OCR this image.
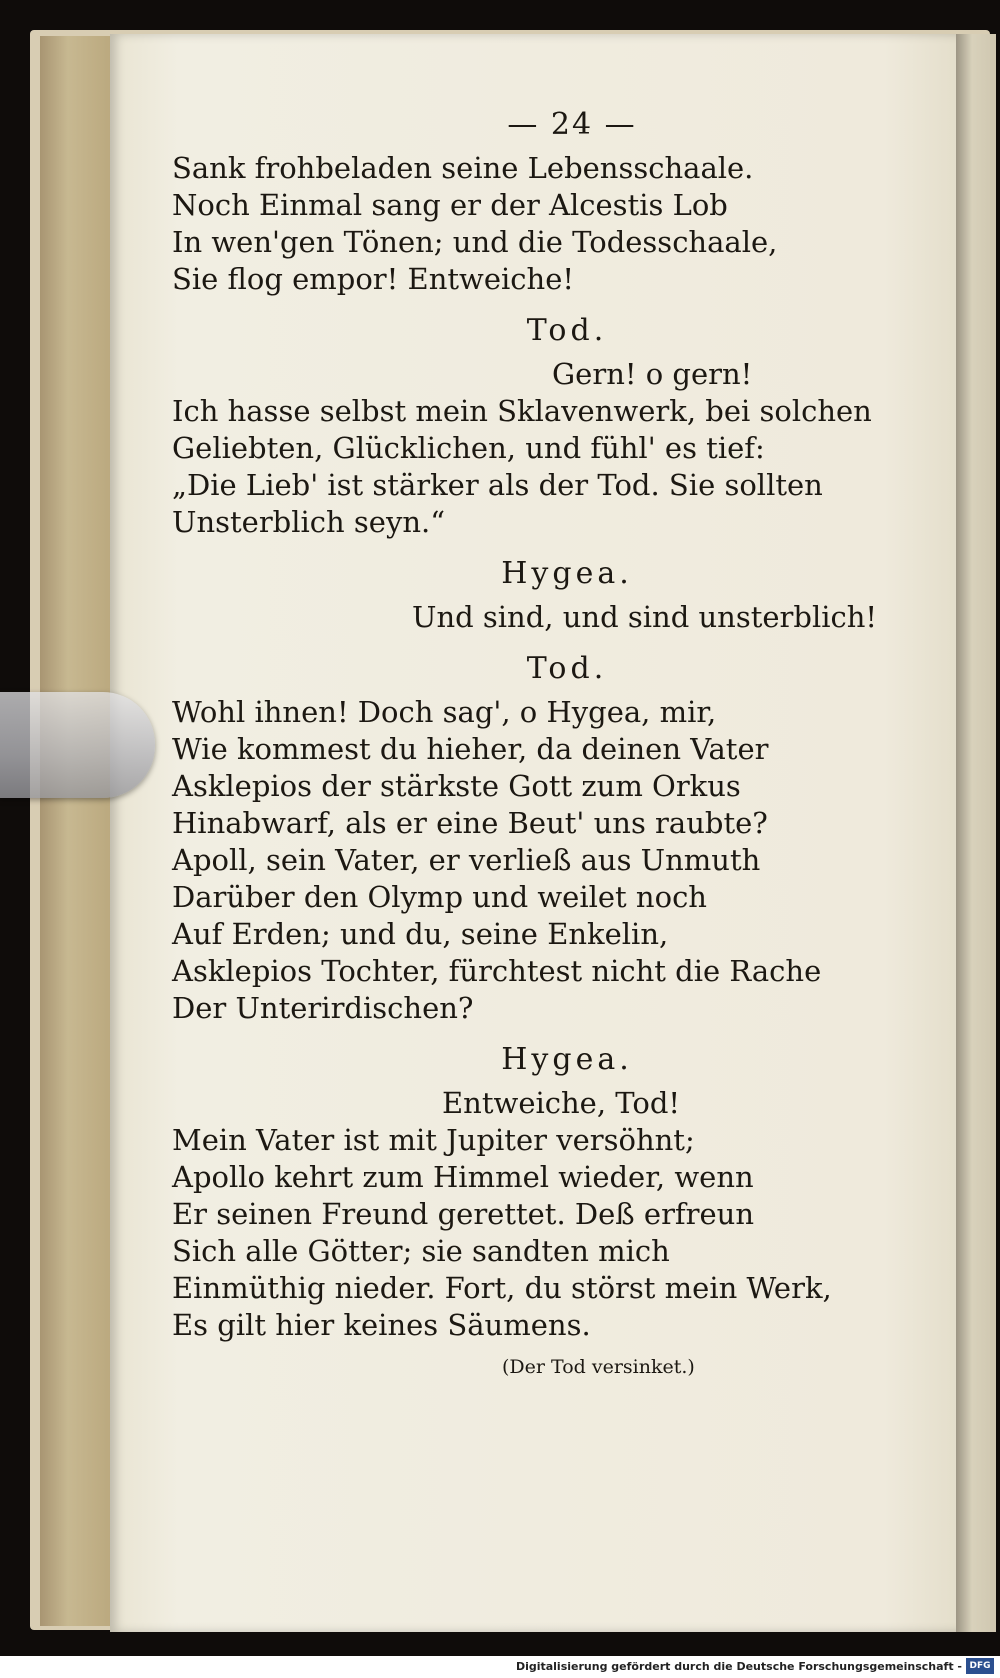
— 24 —
Sank frohbeladen seine Lebensschaale.
Noch Einmal sang er der Alcestis Lob
In wen'gen Tönen; und die Todesschaale,
Sie flog empor! Entweiche!
Tod.
Gern! o gern!
Ich hasse selbst mein Sklavenwerk, bei solchen
Geliebten, Glücklichen, und fühl' es tief:
„Die Lieb' ist stärker als der Tod. Sie sollten
Unsterblich seyn.“
Hygea.
Und sind, und sind unsterblich!
Tod.
Wohl ihnen! Doch sag', o Hygea, mir,
Wie kommest du hieher, da deinen Vater
Asklepios der stärkste Gott zum Orkus
Hinabwarf, als er eine Beut' uns raubte?
Apoll, sein Vater, er verließ aus Unmuth
Darüber den Olymp und weilet noch
Auf Erden; und du, seine Enkelin,
Asklepios Tochter, fürchtest nicht die Rache
Der Unterirdischen?
Hygea.
Entweiche, Tod!
Mein Vater ist mit Jupiter versöhnt;
Apollo kehrt zum Himmel wieder, wenn
Er seinen Freund gerettet. Deß erfreun
Sich alle Götter; sie sandten mich
Einmüthig nieder. Fort, du störst mein Werk,
Es gilt hier keines Säumens.
(Der Tod versinket.)
Digitalisierung gefördert durch die Deutsche Forschungsgemeinschaft - DFG
